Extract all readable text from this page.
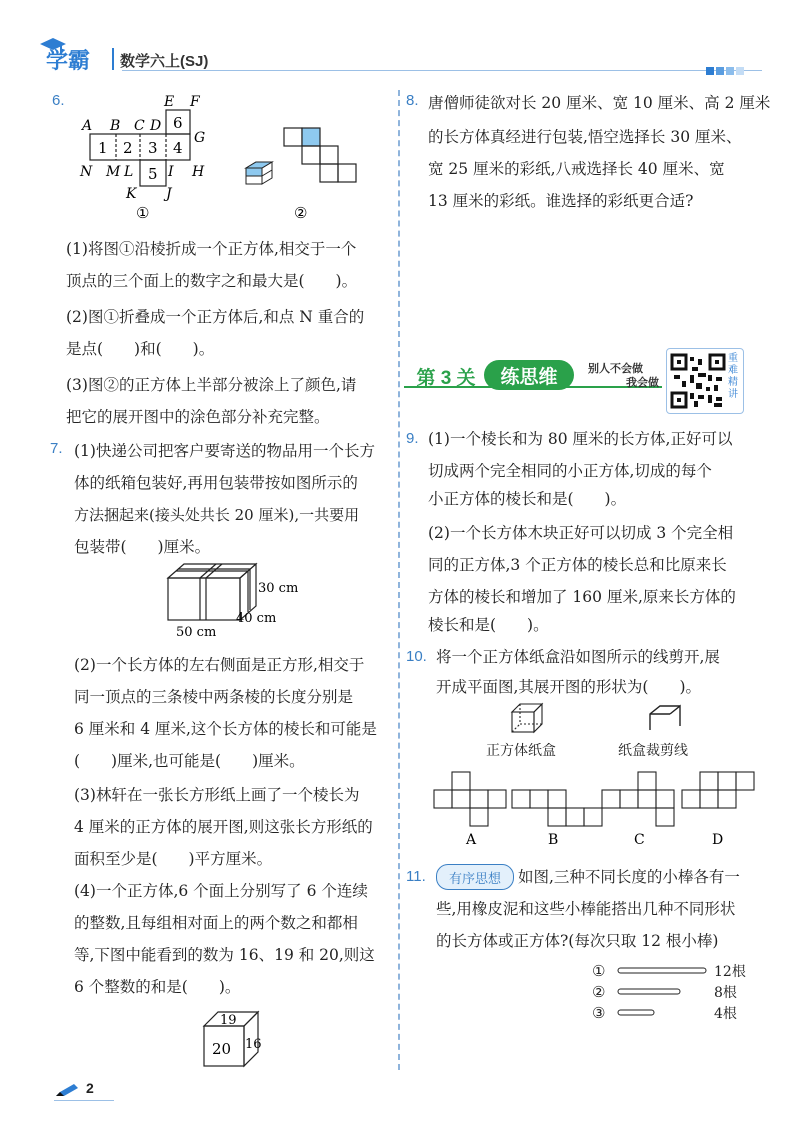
学霸 数学六上(SJ)
6.	E F
A B C D
G
N M L I H
K J
1 2 3 4
5
6
①	②
(1)将图①沿棱折成一个正方体,相交于一个
顶点的三个面上的数字之和最大是(　　)。
(2)图①折叠成一个正方体后,和点 N 重合的
是点(　　)和(　　)。
(3)图②的正方体上半部分被涂上了颜色,请
把它的展开图中的涂色部分补充完整。
7. (1)快递公司把客户要寄送的物品用一个长方
体的纸箱包装好,再用包装带按如图所示的
方法捆起来(接头处共长 20 厘米),一共要用
包装带(　　)厘米。
30 cm
40 cm
50 cm
(2)一个长方体的左右侧面是正方形,相交于
同一顶点的三条棱中两条棱的长度分别是
6 厘米和 4 厘米,这个长方体的棱长和可能是
(　　)厘米,也可能是(　　)厘米。
(3)林轩在一张长方形纸上画了一个棱长为
4 厘米的正方体的展开图,则这张长方形纸的
面积至少是(　　)平方厘米。
(4)一个正方体,6 个面上分别写了 6 个连续
的整数,且每组相对面上的两个数之和都相
等,下图中能看到的数为 16、19 和 20,则这
6 个整数的和是(　　)。
19
20 16
8. 唐僧师徒欲对长 20 厘米、宽 10 厘米、高 2 厘米
的长方体真经进行包装,悟空选择长 30 厘米、
宽 25 厘米的彩纸,八戒选择长 40 厘米、宽
13 厘米的彩纸。谁选择的彩纸更合适?
第 3 关	练思维	别人不会做
我会做
重难精讲
9. (1)一个棱长和为 80 厘米的长方体,正好可以
切成两个完全相同的小正方体,切成的每个
小正方体的棱长和是(　　)。
(2)一个长方体木块正好可以切成 3 个完全相
同的正方体,3 个正方体的棱长总和比原来长
方体的棱长和增加了 160 厘米,原来长方体的
棱长和是(　　)。
10. 将一个正方体纸盒沿如图所示的线剪开,展
开成平面图,其展开图的形状为(　　)。
正方体纸盒	纸盒裁剪线
A	B	C	D
11.	有序思想	如图,三种不同长度的小棒各有一
些,用橡皮泥和这些小棒能搭出几种不同形状
的长方体或正方体?(每次只取 12 根小棒)
①
②
③
12根
8根
4根
2
